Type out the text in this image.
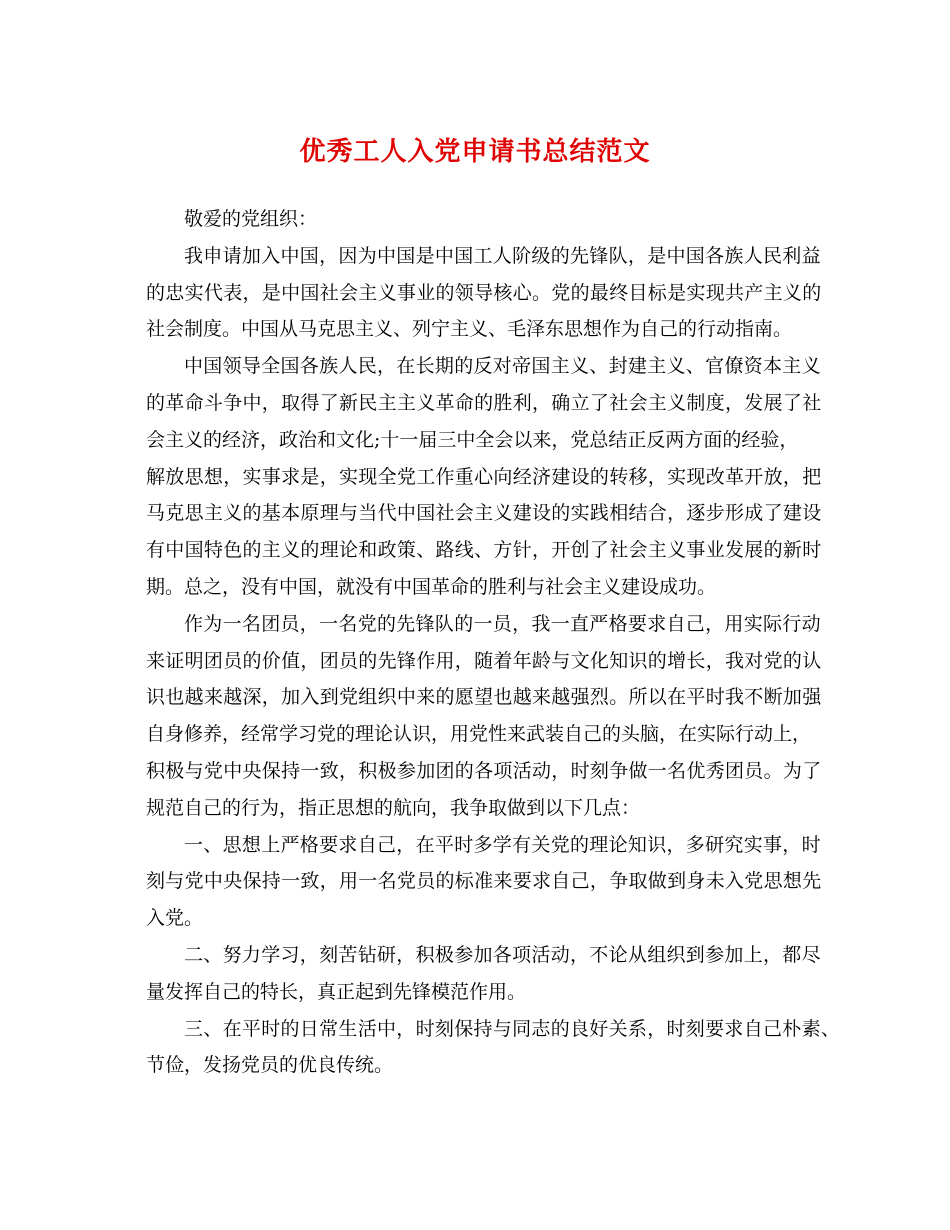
优秀工人入党申请书总结范文
敬爱的党组织：
我申请加入中国，因为中国是中国工人阶级的先锋队，是中国各族人民利益
的忠实代表，是中国社会主义事业的领导核心。党的最终目标是实现共产主义的
社会制度。中国从马克思主义、列宁主义、毛泽东思想作为自己的行动指南。
中国领导全国各族人民，在长期的反对帝国主义、封建主义、官僚资本主义
的革命斗争中，取得了新民主主义革命的胜利，确立了社会主义制度，发展了社
会主义的经济，政治和文化;十一届三中全会以来，党总结正反两方面的经验，
解放思想，实事求是，实现全党工作重心向经济建设的转移，实现改革开放，把
马克思主义的基本原理与当代中国社会主义建设的实践相结合，逐步形成了建设
有中国特色的主义的理论和政策、路线、方针，开创了社会主义事业发展的新时
期。总之，没有中国，就没有中国革命的胜利与社会主义建设成功。
作为一名团员，一名党的先锋队的一员，我一直严格要求自己，用实际行动
来证明团员的价值，团员的先锋作用，随着年龄与文化知识的增长，我对党的认
识也越来越深，加入到党组织中来的愿望也越来越强烈。所以在平时我不断加强
自身修养，经常学习党的理论认识，用党性来武装自己的头脑，在实际行动上，
积极与党中央保持一致，积极参加团的各项活动，时刻争做一名优秀团员。为了
规范自己的行为，指正思想的航向，我争取做到以下几点：
一、思想上严格要求自己，在平时多学有关党的理论知识，多研究实事，时
刻与党中央保持一致，用一名党员的标准来要求自己，争取做到身未入党思想先
入党。
二、努力学习，刻苦钻研，积极参加各项活动，不论从组织到参加上，都尽
量发挥自己的特长，真正起到先锋模范作用。
三、在平时的日常生活中，时刻保持与同志的良好关系，时刻要求自己朴素、
节俭，发扬党员的优良传统。
